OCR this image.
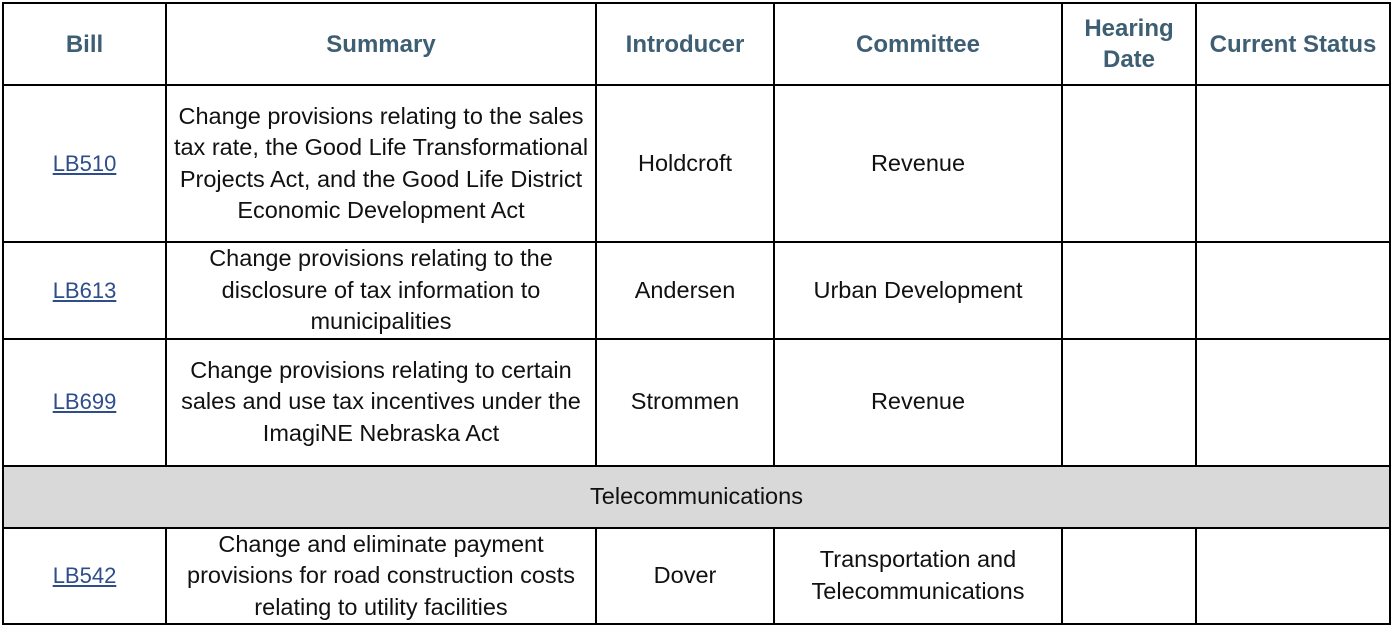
Bill	Summary	Introducer	Committee	Hearing Date	Current Status
LB510	Change provisions relating to the sales tax rate, the Good Life Transformational Projects Act, and the Good Life District Economic Development Act	Holdcroft	Revenue		
LB613	Change provisions relating to the disclosure of tax information to municipalities	Andersen	Urban Development		
LB699	Change provisions relating to certain sales and use tax incentives under the ImagiNE Nebraska Act	Strommen	Revenue		
Telecommunications					
LB542	Change and eliminate payment provisions for road construction costs relating to utility facilities	Dover	Transportation and Telecommunications		
